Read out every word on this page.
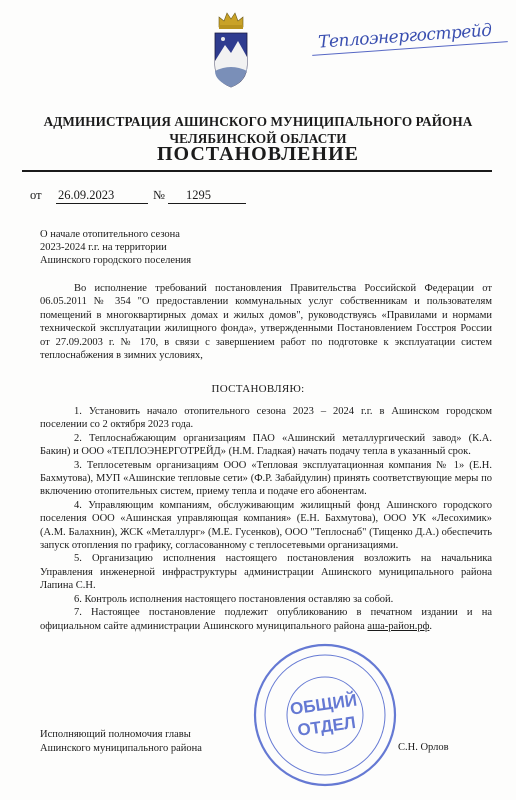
Теплоэнергострейд
АДМИНИСТРАЦИЯ АШИНСКОГО МУНИЦИПАЛЬНОГО РАЙОНА
ЧЕЛЯБИНСКОЙ ОБЛАСТИ
ПОСТАНОВЛЕНИЕ
от 26.09.2023	№	1295
О начале отопительного сезона
2023-2024 г.г. на территории
Ашинского городского поселения

Во исполнение требований постановления Правительства Российской Федерации от 06.05.2011 № 354 "О предоставлении коммунальных услуг собственникам и пользователям помещений в многоквартирных домах и жилых домов", руководствуясь «Правилами и нормами технической эксплуатации жилищного фонда», утвержденными Постановлением Госстроя России от 27.09.2003 г. № 170, в связи с завершением работ по подготовке к эксплуатации систем теплоснабжения в зимних условиях,

ПОСТАНОВЛЯЮ:

1. Установить начало отопительного сезона 2023 – 2024 г.г. в Ашинском городском поселении со 2 октября 2023 года.

2. Теплоснабжающим организациям ПАО «Ашинский металлургический завод» (К.А. Бакин) и ООО «ТЕПЛОЭНЕРГОТРЕЙД» (Н.М. Гладкая) начать подачу тепла в указанный срок.

3. Теплосетевым организациям ООО «Тепловая эксплуатационная компания № 1» (Е.Н. Бахмутова), МУП «Ашинские тепловые сети» (Ф.Р. Забайдулин) принять соответствующие меры по включению отопительных систем, приему тепла и подаче его абонентам.

4. Управляющим компаниям, обслуживающим жилищный фонд Ашинского городского поселения ООО «Ашинская управляющая компания» (Е.Н. Бахмутова), ООО УК «Лесохимик» (А.М. Балахнин), ЖСК «Металлург» (М.Е. Гусенков), ООО "Теплоснаб" (Тищенко Д.А.) обеспечить запуск отопления по графику, согласованному с теплосетевыми организациями.

5. Организацию исполнения настоящего постановления возложить на начальника Управления инженерной инфраструктуры администрации Ашинского муниципального района Лапина С.Н.

6. Контроль исполнения настоящего постановления оставляю за собой.

7. Настоящее постановление подлежит опубликованию в печатном издании и на официальном сайте администрации Ашинского муниципального района аша-район.рф.

Исполняющий полномочия главы
Ашинского муниципального района	С.Н. Орлов
ОБЩИЙ
ОТДЕЛ
